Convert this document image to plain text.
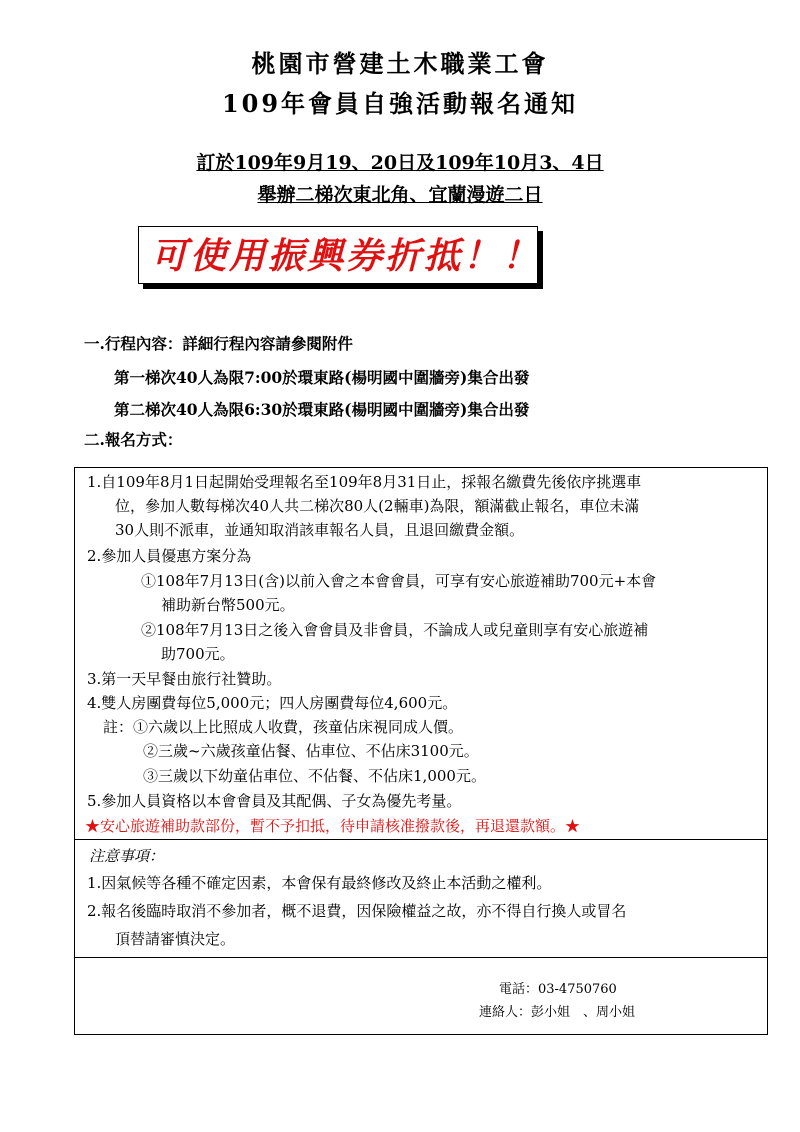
桃園市營建土木職業工會
109年會員自強活動報名通知
訂於109年9月19、20日及109年10月3、4日
舉辦二梯次東北角、宜蘭漫遊二日
可使用振興券折抵！！
一.行程內容：詳細行程內容請參閱附件
第一梯次40人為限7:00於環東路(楊明國中圍牆旁)集合出發
第二梯次40人為限6:30於環東路(楊明國中圍牆旁)集合出發
二.報名方式：
1.自109年8月1日起開始受理報名至109年8月31日止，採報名繳費先後依序挑選車
位，參加人數每梯次40人共二梯次80人(2輛車)為限，額滿截止報名，車位未滿
30人則不派車，並通知取消該車報名人員，且退回繳費金額。
2.參加人員優惠方案分為
①108年7月13日(含)以前入會之本會會員，可享有安心旅遊補助700元+本會
補助新台幣500元。
②108年7月13日之後入會會員及非會員，不論成人或兒童則享有安心旅遊補
助700元。
3.第一天早餐由旅行社贊助。
4.雙人房團費每位5,000元；四人房團費每位4,600元。
註：①六歲以上比照成人收費，孩童佔床視同成人價。
②三歲~六歲孩童佔餐、佔車位、不佔床3100元。
③三歲以下幼童佔車位、不佔餐、不佔床1,000元。
5.參加人員資格以本會會員及其配偶、子女為優先考量。
★安心旅遊補助款部份，暫不予扣抵，待申請核准撥款後，再退還款額。★
注意事項：
1.因氣候等各種不確定因素，本會保有最終修改及終止本活動之權利。
2.報名後臨時取消不參加者，概不退費，因保險權益之故，亦不得自行換人或冒名
頂替請審慎決定。
電話：03-4750760
連絡人：彭小姐　、周小姐
